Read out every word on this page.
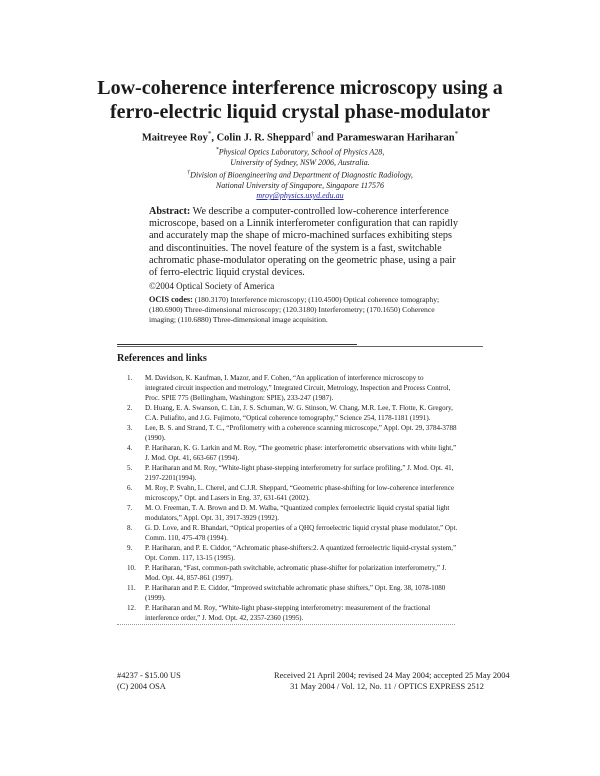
Low-coherence interference microscopy using a
ferro-electric liquid crystal phase-modulator
Maitreyee Roy*, Colin J. R. Sheppard† and Parameswaran Hariharan*
*Physical Optics Laboratory, School of Physics A28,
University of Sydney, NSW 2006, Australia.
†Division of Bioengineering and Department of Diagnostic Radiology,
National University of Singapore, Singapore 117576
mroy@physics.usyd.edu.au
Abstract: We describe a computer-controlled low-coherence interference
microscope, based on a Linnik interferometer configuration that can rapidly
and accurately map the shape of micro-machined surfaces exhibiting steps
and discontinuities. The novel feature of the system is a fast, switchable
achromatic phase-modulator operating on the geometric phase, using a pair
of ferro-electric liquid crystal devices.
©2004 Optical Society of America
OCIS codes: (180.3170) Interference microscopy; (110.4500) Optical coherence tomography;
(180.6900) Three-dimensional microscopy; (120.3180) Interferometry; (170.1650) Coherence
imaging; (110.6880) Three-dimensional image acquisition.
References and links
1. M. Davidson, K. Kaufman, I. Mazor, and F. Cohen, “An application of interference microscopy to
integrated circuit inspection and metrology,” Integrated Circuit, Metrology, Inspection and Process Control,
Proc. SPIE 775 (Bellingham, Washington: SPIE), 233-247 (1987).
2. D. Huang, E. A. Swanson, C. Lin, J. S. Schuman, W. G. Stinson, W. Chang, M.R. Lee, T. Flotte, K. Gregory,
C.A. Puliafito, and J.G. Fujimoto, “Optical coherence tomography,” Science 254, 1178-1181 (1991).
3. Lee, B. S. and Strand, T. C., “Profilometry with a coherence scanning microscope,” Appl. Opt. 29, 3784-3788
(1990).
4. P. Hariharan, K. G. Larkin and M. Roy, “The geometric phase: interferometric observations with white light,”
J. Mod. Opt. 41, 663-667 (1994).
5. P. Hariharan and M. Roy, “White-light phase-stepping interferometry for surface profiling,” J. Mod. Opt. 41,
2197-2201(1994).
6. M. Roy, P. Svahn, L. Cherel, and C.J.R. Sheppard, “Geometric phase-shifting for low-coherence interference
microscopy,” Opt. and Lasers in Eng. 37, 631-641 (2002).
7. M. O. Freeman, T. A. Brown and D. M. Walba, “Quantized complex ferroelectric liquid crystal spatial light
modulators,” Appl. Opt. 31, 3917-3929 (1992).
8. G. D. Love, and R. Bhandari, “Optical properties of a QHQ ferroelectric liquid crystal phase modulator,” Opt.
Comm. 110, 475-478 (1994).
9. P. Hariharan, and P. E. Ciddor, “Achromatic phase-shifters:2. A quantized ferroelectric liquid-crystal system,”
Opt. Comm. 117, 13-15 (1995).
10. P. Hariharan, “Fast, common-path switchable, achromatic phase-shifter for polarization interferometry,” J.
Mod. Opt. 44, 857-861 (1997).
11. P. Hariharan and P. E. Ciddor, “Improved switchable achromatic phase shifters,” Opt. Eng. 38, 1078-1080
(1999).
12. P. Hariharan and M. Roy, “White-light phase-stepping interferometry: measurement of the fractional
interference order,” J. Mod. Opt. 42, 2357-2360 (1995).
#4237 - $15.00 US
(C) 2004 OSA
Received 21 April 2004; revised 24 May 2004; accepted 25 May 2004
31 May 2004 / Vol. 12, No. 11 / OPTICS EXPRESS 2512
